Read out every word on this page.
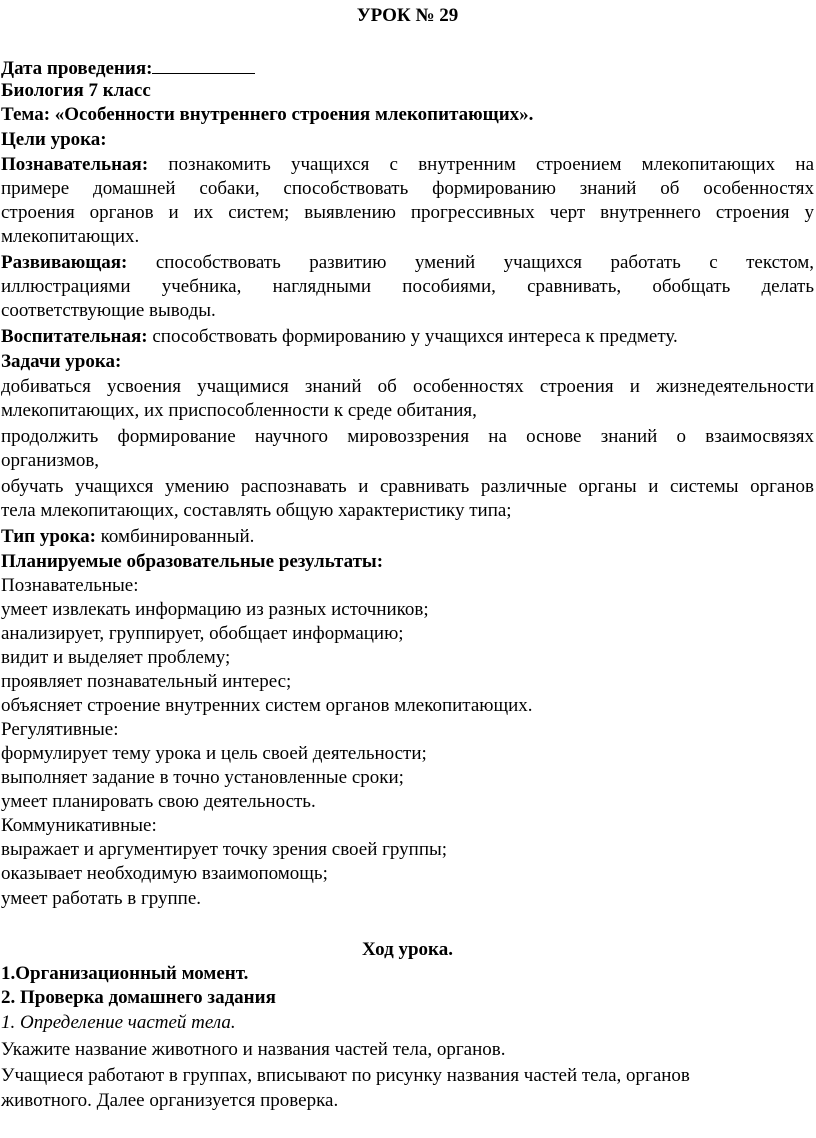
УРОК № 29
Дата проведения:
Биология 7 класс
Тема: «Особенности внутреннего строения млекопитающих».
Цели урока:
Познавательная: познакомить учащихся с внутренним строением млекопитающих на
примере домашней собаки, способствовать формированию знаний об особенностях
строения органов и их систем; выявлению прогрессивных черт внутреннего строения у
млекопитающих.
Развивающая: способствовать развитию умений учащихся работать с текстом,
иллюстрациями учебника, наглядными пособиями, сравнивать, обобщать делать
соответствующие выводы.
Воспитательная: способствовать формированию у учащихся интереса к предмету.
Задачи урока:
добиваться усвоения учащимися знаний об особенностях строения и жизнедеятельности
млекопитающих, их приспособленности к среде обитания,
продолжить формирование научного мировоззрения на основе знаний о взаимосвязях
организмов,
обучать учащихся умению распознавать и сравнивать различные органы и системы органов
тела млекопитающих, составлять общую характеристику типа;
Тип урока: комбинированный.
Планируемые образовательные результаты:
Познавательные:
умеет извлекать информацию из разных источников;
анализирует, группирует, обобщает информацию;
видит и выделяет проблему;
проявляет познавательный интерес;
объясняет строение внутренних систем органов млекопитающих.
Регулятивные:
формулирует тему урока и цель своей деятельности;
выполняет задание в точно установленные сроки;
умеет планировать свою деятельность.
Коммуникативные:
выражает и аргументирует точку зрения своей группы;
оказывает необходимую взаимопомощь;
умеет работать в группе.
Ход урока.
1.Организационный момент.
2. Проверка домашнего задания
1. Определение частей тела.
Укажите название животного и названия частей тела, органов.
Учащиеся работают в группах, вписывают по рисунку названия частей тела, органов
животного. Далее организуется проверка.
